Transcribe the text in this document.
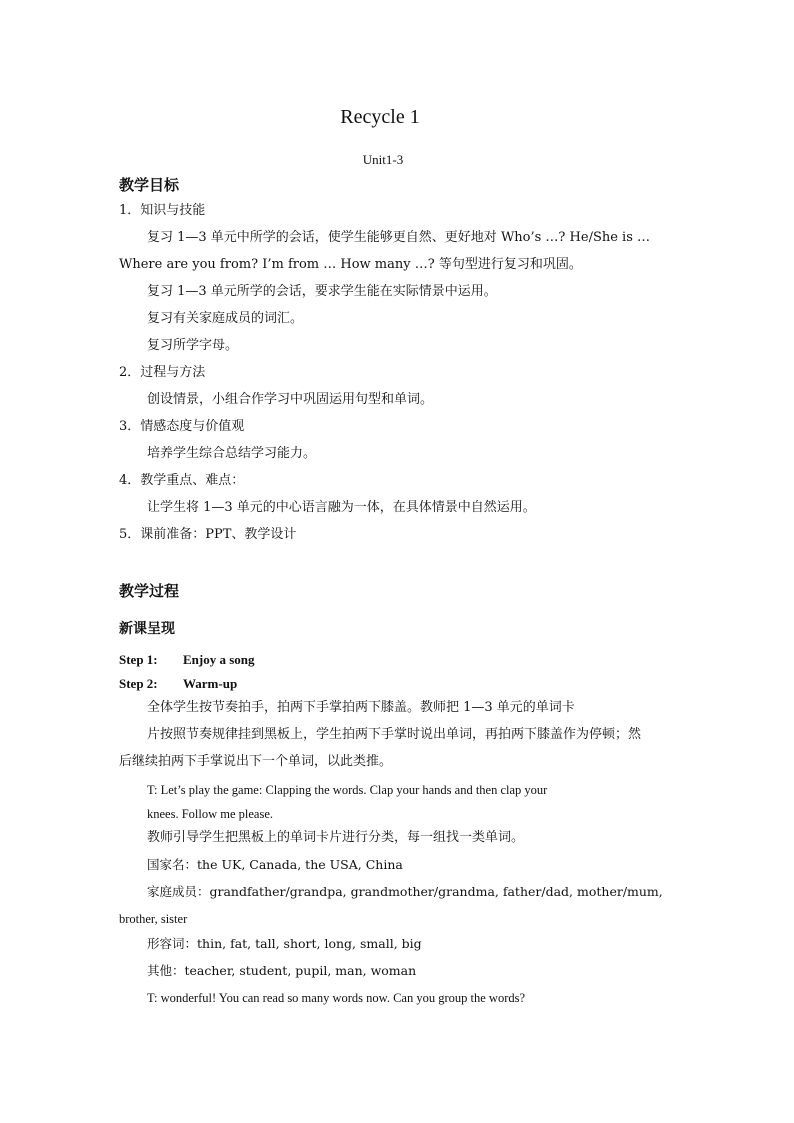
Recycle 1
Unit1-3
教学目标
1．知识与技能
复习 1—3 单元中所学的会话，使学生能够更自然、更好地对 Who’s …? He/She is …
Where are you from? I’m from … How many …? 等句型进行复习和巩固。
复习 1—3 单元所学的会话，要求学生能在实际情景中运用。
复习有关家庭成员的词汇。
复习所学字母。
2．过程与方法
创设情景，小组合作学习中巩固运用句型和单词。
3．情感态度与价值观
培养学生综合总结学习能力。
4．教学重点、难点：
让学生将 1—3 单元的中心语言融为一体，在具体情景中自然运用。
5．课前准备：PPT、教学设计
教学过程
新课呈现
Step 1: Enjoy a song
Step 2: Warm-up
全体学生按节奏拍手，拍两下手掌拍两下膝盖。教师把 1—3 单元的单词卡
片按照节奏规律挂到黑板上，学生拍两下手掌时说出单词，再拍两下膝盖作为停顿；然
后继续拍两下手掌说出下一个单词，以此类推。
T: Let’s play the game: Clapping the words. Clap your hands and then clap your
knees. Follow me please.
教师引导学生把黑板上的单词卡片进行分类，每一组找一类单词。
国家名：the UK, Canada, the USA, China
家庭成员：grandfather/grandpa, grandmother/grandma, father/dad, mother/mum,
brother, sister
形容词：thin, fat, tall, short, long, small, big
其他：teacher, student, pupil, man, woman
T: wonderful! You can read so many words now. Can you group the words?
